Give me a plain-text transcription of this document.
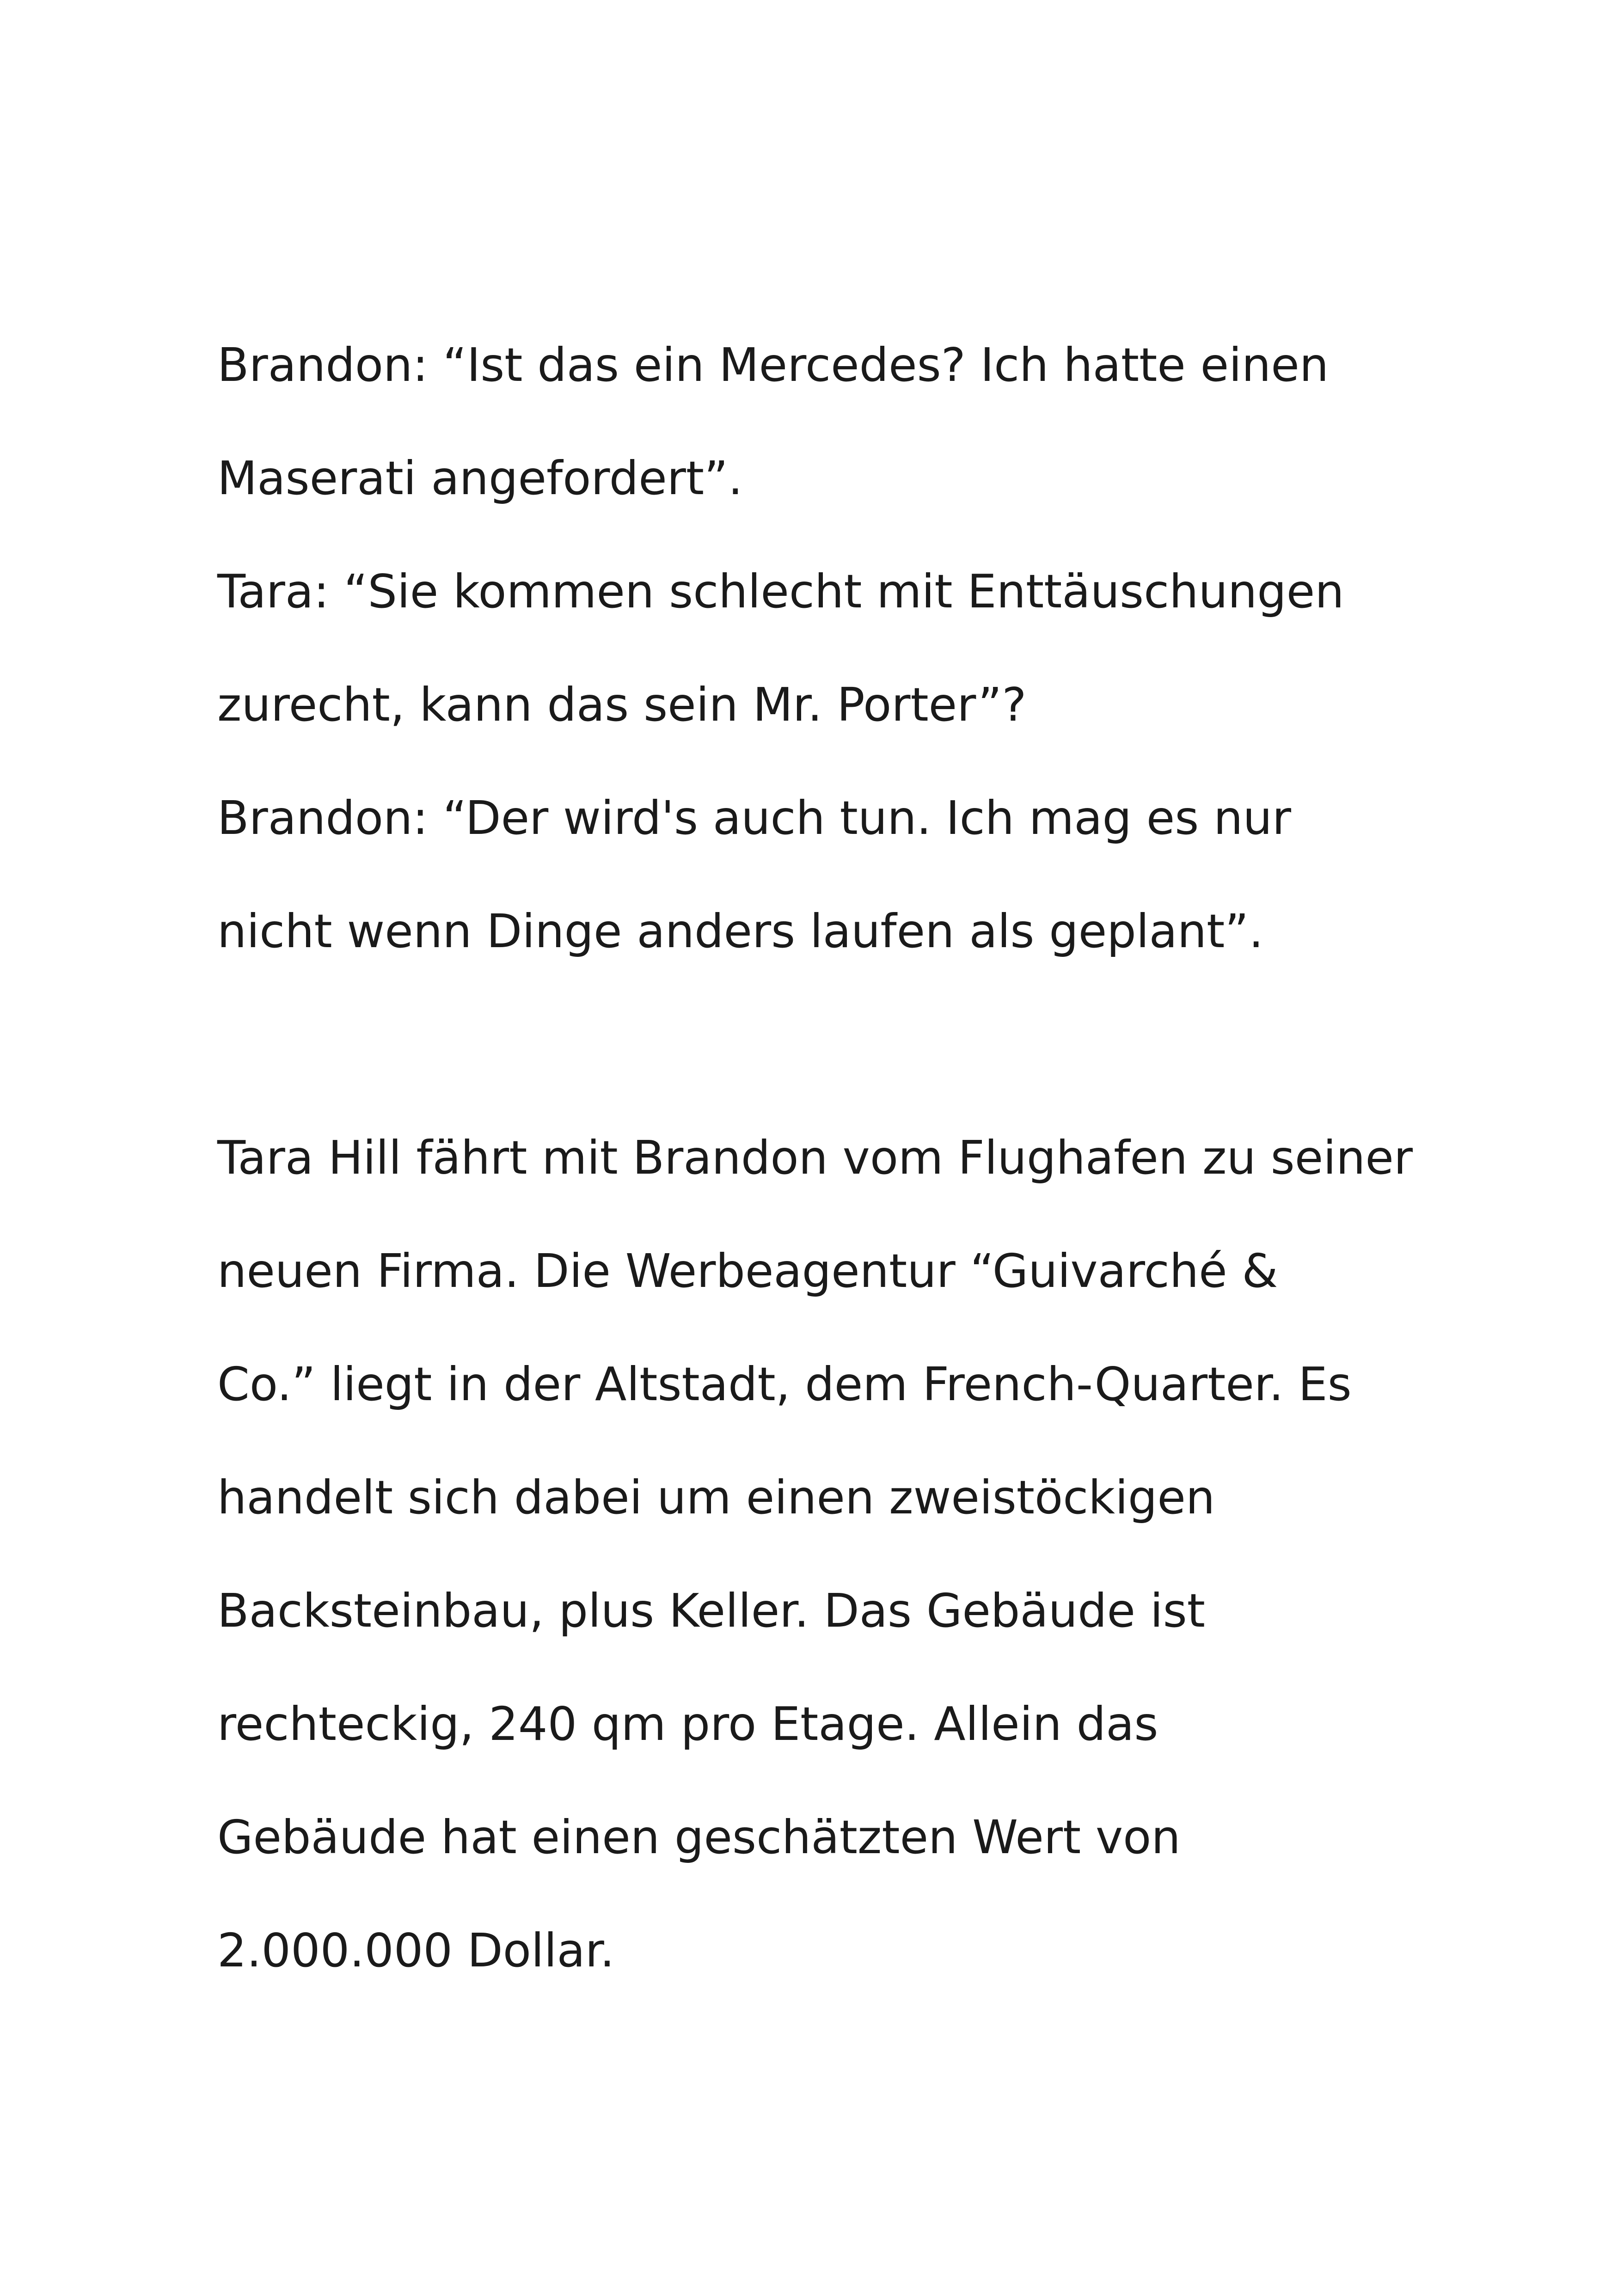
Brandon: “Ist das ein Mercedes? Ich hatte einen

Maserati angefordert”.

Tara: “Sie kommen schlecht mit Enttäuschungen

zurecht, kann das sein Mr. Porter”?

Brandon: “Der wird's auch tun. Ich mag es nur

nicht wenn Dinge anders laufen als geplant”.

Tara Hill fährt mit Brandon vom Flughafen zu seiner

neuen Firma. Die Werbeagentur “Guivarché &

Co.” liegt in der Altstadt, dem French-Quarter. Es

handelt sich dabei um einen zweistöckigen

Backsteinbau, plus Keller. Das Gebäude ist

rechteckig, 240 qm pro Etage. Allein das

Gebäude hat einen geschätzten Wert von

2.000.000 Dollar.
